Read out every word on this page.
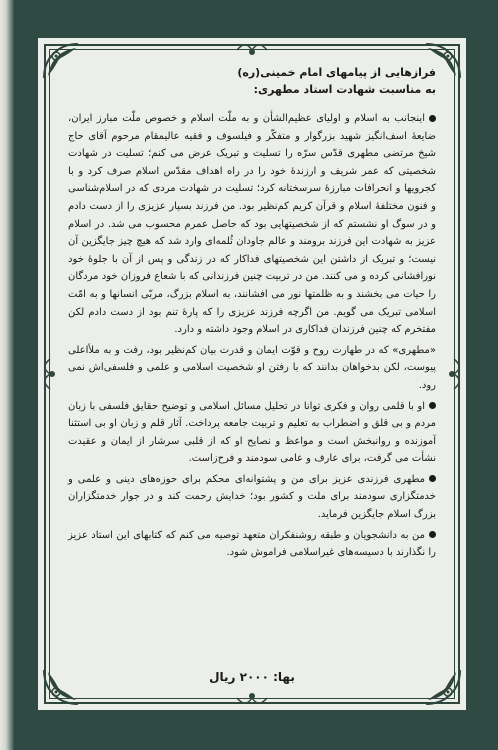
فرازهایی از پیامهای امام خمینی(ره)
به مناسبت شهادت استاد مطهری:

اینجانب به اسلام و اولیای عظیم‌الشأن و به ملّت اسلام و خصوص ملّت مبارز ایران، ضایعهٔ اسف‌انگیز شهید بزرگوار و متفکّر و فیلسوف و فقیه عالیمقام مرحوم آقای حاج شیخ مرتضی مطهری قدّس سرّه را تسلیت و تبریک عرض می کنم؛ تسلیت در شهادت شخصیتی که عمر شریف و ارزندهٔ خود را در راه اهداف مقدّس اسلام صرف کرد و با کجرویها و انحرافات مبارزهٔ سرسختانه کرد؛ تسلیت در شهادت مردی که در اسلام‌شناسی و فنون مختلفهٔ اسلام و قرآن کریم کم‌نظیر بود. من فرزند بسیار عزیزی را از دست دادم و در سوگ او نشستم که از شخصیتهایی بود که حاصل عمرم محسوب می شد. در اسلام عزیز به شهادت این فرزند برومند و عالم جاودان ثُلمه‌ای وارد شد که هیچ چیز جایگزین آن نیست؛ و تبریک از داشتن این شخصیتهای فداکار که در زندگی و پس از آن با جلوهٔ خود نورافشانی کرده و می کنند. من در تربیت چنین فرزندانی که با شعاع فروزان خود مردگان را حیات می بخشند و به ظلمتها نور می افشانند، به اسلام بزرگ، مربّی انسانها و به امّت اسلامی تبریک می گویم. من اگرچه فرزند عزیزی را که پارهٔ تنم بود از دست دادم لکن مفتخرم که چنین فرزندان فداکاری در اسلام وجود داشته و دارد.

«مطهری» که در طهارت روح و قوّت ایمان و قدرت بیان کم‌نظیر بود، رفت و به ملأاعلی پیوست، لکن بدخواهان بدانند که با رفتن او شخصیت اسلامی و علمی و فلسفی‌اش نمی رود.

او با قلمی روان و فکری توانا در تحلیل مسائل اسلامی و توضیح حقایق فلسفی با زبان مردم و بی قلق و اضطراب به تعلیم و تربیت جامعه پرداخت. آثار قلم و زبان او بی استثنا آموزنده و روانبخش است و مواعظ و نصایح او که از قلبی سرشار از ایمان و عقیدت نشأت می گرفت، برای عارف و عامی سودمند و فرح‌زاست.

مطهری فرزندی عزیز برای من و پشتوانه‌ای محکم برای حوزه‌های دینی و علمی و خدمتگزاری سودمند برای ملت و کشور بود؛ خدایش رحمت کند و در جوار خدمتگزاران بزرگ اسلام جایگزین فرماید.

من به دانشجویان و طبقه روشنفکران متعهد توصیه می کنم که کتابهای این استاد عزیز را نگذارند با دسیسه‌های غیراسلامی فراموش شود.

بها: ۲۰۰۰ ریال
